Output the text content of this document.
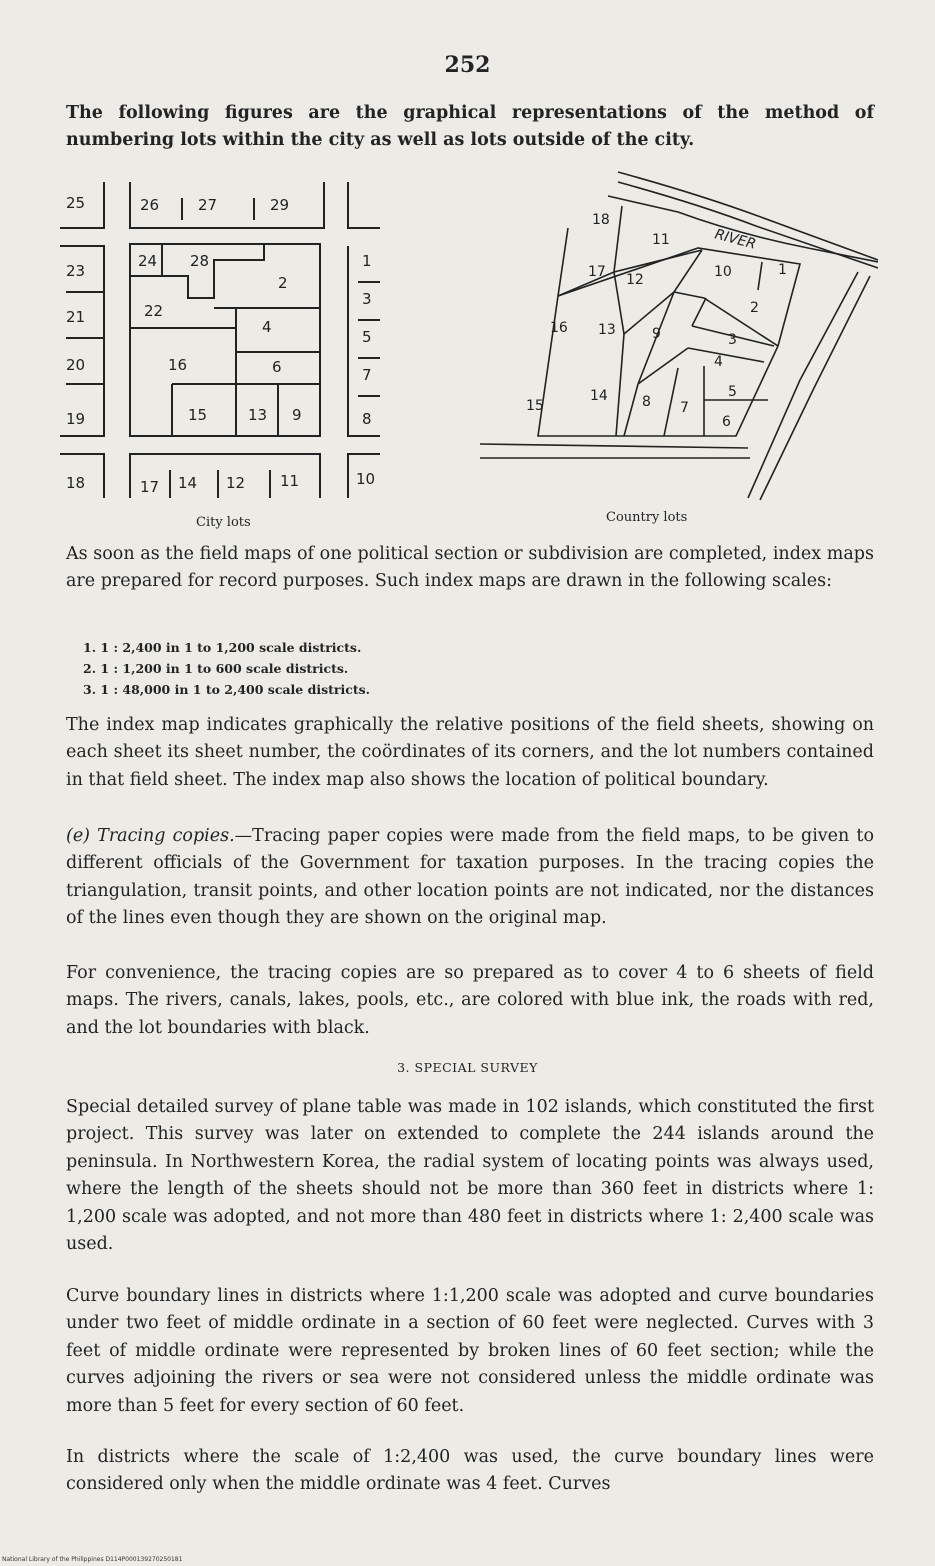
252

The following figures are the graphical representations of the method of numbering lots within the city as well as lots outside of the city.

25	26	27	29
23
24 28
2
1
21	22
4
3
20	16	6
5
7
19	15	13 9	8
18	17 14 12 11	10
City lots
RIVER
18
11
17 12	10	1
16 13	9
2
3
4
15
14 8 7
5
6
Country lots

As soon as the field maps of one political section or subdivision are completed, index maps are prepared for record purposes. Such index maps are drawn in the following scales:

1. 1 : 2,400 in 1 to 1,200 scale districts.
2. 1 : 1,200 in 1 to 600 scale districts.
3. 1 : 48,000 in 1 to 2,400 scale districts.

The index map indicates graphically the relative positions of the field sheets, showing on each sheet its sheet number, the coördinates of its corners, and the lot numbers contained in that field sheet. The index map also shows the location of political boundary.

(e) Tracing copies.—Tracing paper copies were made from the field maps, to be given to different officials of the Government for taxation purposes. In the tracing copies the triangulation, transit points, and other location points are not indicated, nor the distances of the lines even though they are shown on the original map.

For convenience, the tracing copies are so prepared as to cover 4 to 6 sheets of field maps. The rivers, canals, lakes, pools, etc., are colored with blue ink, the roads with red, and the lot boundaries with black.

3. SPECIAL SURVEY

Special detailed survey of plane table was made in 102 islands, which constituted the first project. This survey was later on extended to complete the 244 islands around the peninsula. In Northwestern Korea, the radial system of locating points was always used, where the length of the sheets should not be more than 360 feet in districts where 1: 1,200 scale was adopted, and not more than 480 feet in districts where 1: 2,400 scale was used.

Curve boundary lines in districts where 1:1,200 scale was adopted and curve boundaries under two feet of middle ordinate in a section of 60 feet were neglected. Curves with 3 feet of middle ordinate were represented by broken lines of 60 feet section; while the curves adjoining the rivers or sea were not considered unless the middle ordinate was more than 5 feet for every section of 60 feet.

In districts where the scale of 1:2,400 was used, the curve boundary lines were considered only when the middle ordinate was 4 feet. Curves

National Library of the Philippines D114P000139270250181
